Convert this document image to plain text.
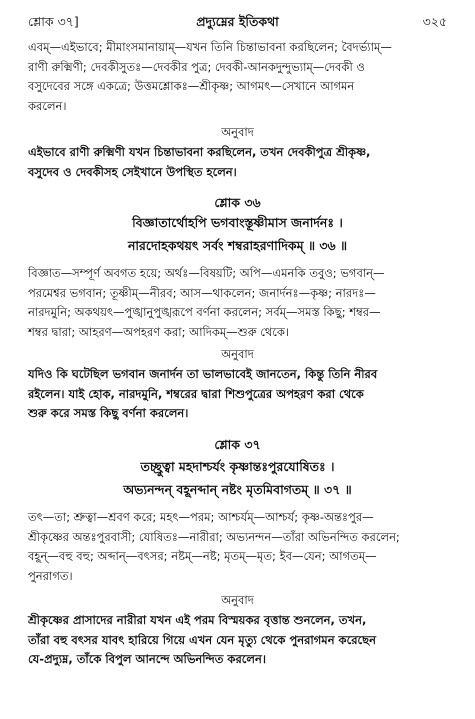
শ্লোক ৩৭]	প্রদ্যুম্নের ইতিকথা	৩২৫
এবম্—এইভাবে; মীমাংসমানায়াম্—যখন তিনি চিন্তাভাবনা করছিলেন; বৈদর্ভ্যাম্—
রাণী রুক্মিণী; দেবকীসুতঃ—দেবকীর পুত্র; দেবকী-আনকদুন্দুভ্যাম্—দেবকী ও
বসুদেবের সঙ্গে একত্রে; উত্তমশ্লোকঃ—শ্রীকৃষ্ণ; আগমৎ—সেখানে আগমন
করলেন।
অনুবাদ
এইভাবে রাণী রুক্মিণী যখন চিন্তাভাবনা করছিলেন, তখন দেবকীপুত্র শ্রীকৃষ্ণ,
বসুদেব ও দেবকীসহ সেইখানে উপস্থিত হলেন।
শ্লোক ৩৬
বিজ্ঞাতার্থোহপি ভগবাংস্তূষ্ণীমাস জনার্দনঃ ।
নারদোহকথয়ৎ সর্বং শম্বরাহরণাদিকম্ ॥ ৩৬ ॥
বিজ্ঞাত—সম্পূর্ণ অবগত হয়ে; অর্থঃ—বিষয়টি; অপি—এমনকি তবুও; ভগবান্—
পরমেশ্বর ভগবান; তূষ্ণীম্—নীরব; আস—থাকলেন; জনার্দনঃ—কৃষ্ণ; নারদঃ—
নারদমুনি; অকথয়ৎ—পুঙ্খানুপুঙ্খরূপে বর্ণনা করলেন; সর্বম্—সমস্ত কিছু; শম্বর—
শম্বর দ্বারা; আহরণ—অপহরণ করা; আদিকম্—শুরু থেকে।
অনুবাদ
যদিও কি ঘটেছিল ভগবান জনার্দন তা ভালভাবেই জানতেন, কিন্তু তিনি নীরব
রইলেন। যাই হোক, নারদমুনি, শম্বরের দ্বারা শিশুপুত্রের অপহরণ করা থেকে
শুরু করে সমস্ত কিছু বর্ণনা করলেন।
শ্লোক ৩৭
তচ্ছ্রুত্বা মহদাশ্চর্যং কৃষ্ণান্তঃপুরযোষিতঃ ।
অভ্যনন্দন্ বহূনব্দান্ নষ্টং মৃতমিবাগতম্ ॥ ৩৭ ॥
তৎ—তা; শ্রুত্বা—শ্রবণ করে; মহৎ—পরম; আশ্চর্যম্—আশ্চর্য; কৃষ্ণ-অন্তঃপুর—
শ্রীকৃষ্ণের অন্তঃপুরবাসী; যোষিতঃ—নারীরা; অভ্যনন্দন—তাঁরা অভিনন্দিত করলেন;
বহূন্—বহু বহু; অব্দান্—বৎসর; নষ্টম্—নষ্ট; মৃতম্—মৃত; ইব—যেন; আগতম্—
পুনরাগত।
অনুবাদ
শ্রীকৃষ্ণের প্রাসাদের নারীরা যখন এই পরম বিস্ময়কর বৃত্তান্ত শুনলেন, তখন,
তাঁরা বহু বৎসর যাবৎ হারিয়ে গিয়ে এখন যেন মৃত্যু থেকে পুনরাগমন করেছেন
যে-প্রদ্যুম্ন, তাঁকে বিপুল আনন্দে অভিনন্দিত করলেন।
